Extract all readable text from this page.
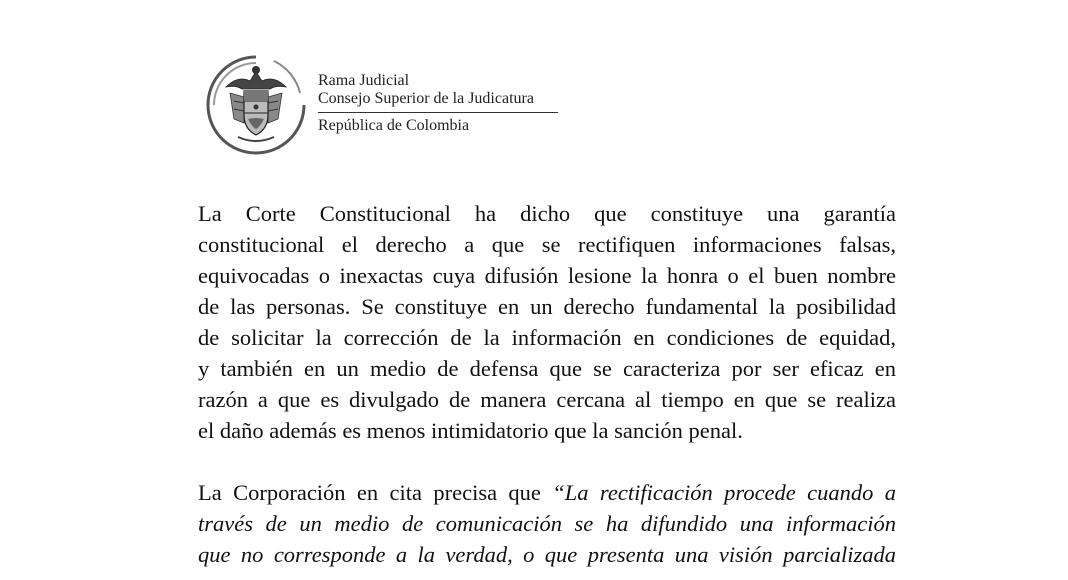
Rama Judicial
Consejo Superior de la Judicatura
República de Colombia
La Corte Constitucional ha dicho que constituye una garantía
constitucional el derecho a que se rectifiquen informaciones falsas,
equivocadas o inexactas cuya difusión lesione la honra o el buen nombre
de las personas. Se constituye en un derecho fundamental la posibilidad
de solicitar la corrección de la información en condiciones de equidad,
y también en un medio de defensa que se caracteriza por ser eficaz en
razón a que es divulgado de manera cercana al tiempo en que se realiza
el daño además es menos intimidatorio que la sanción penal.
La Corporación en cita precisa que “La rectificación procede cuando a
través de un medio de comunicación se ha difundido una información
que no corresponde a la verdad, o que presenta una visión parcializada
